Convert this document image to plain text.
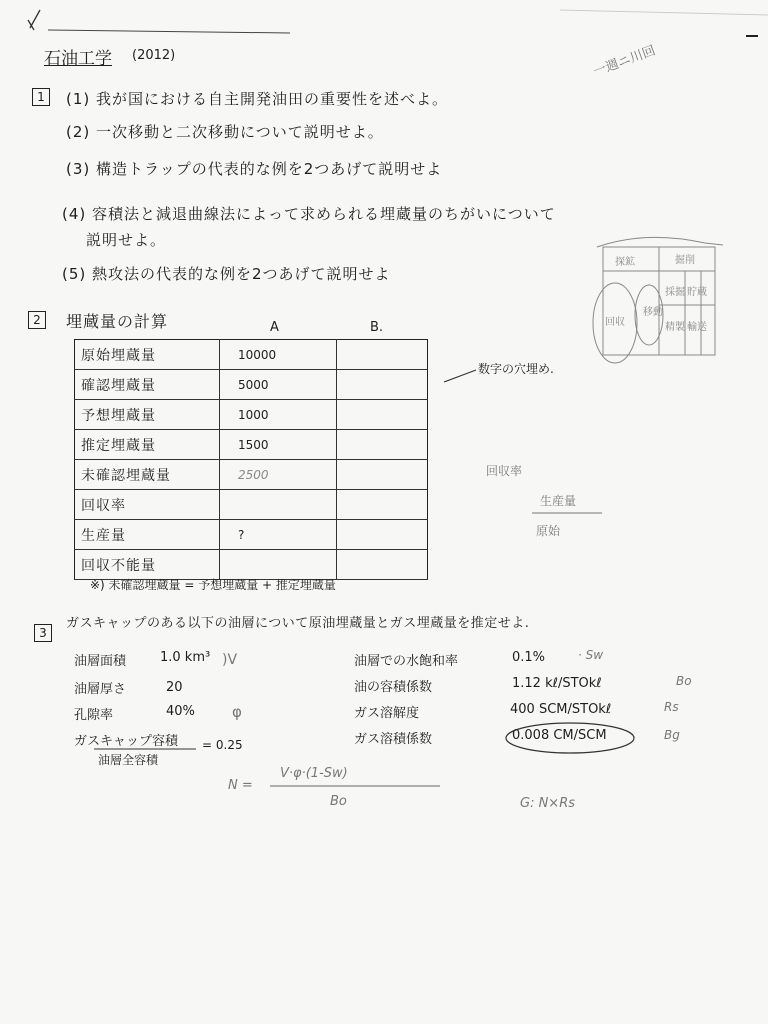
石油工学 (2012)	一週ニ川回
1	(1) 我が国における自主開発油田の重要性を述べよ。
(2) 一次移動と二次移動について説明せよ。
(3) 構造トラップの代表的な例を2つあげて説明せよ
(4) 容積法と減退曲線法によって求められる埋蔵量のちがいについて
説明せよ。
(5) 熱攻法の代表的な例を2つあげて説明せよ
回収
移動
採掘
精製
貯蔵
輸送
探鉱	掘削
2	埋蔵量の計算	A	B.
原始埋蔵量	10000	
確認埋蔵量	5000	
予想埋蔵量	1000	
推定埋蔵量	1500	
未確認埋蔵量	2500	
回収率		
生産量	?	
回収不能量		
※) 未確認埋蔵量 = 予想埋蔵量 + 推定埋蔵量
数字の穴埋め.
回収率
生産量
原始
3
ガスキャップのある以下の油層について原油埋蔵量とガス埋蔵量を推定せよ.
油層面積	1.0 km³ )V
油層厚さ	20
孔隙率	40% φ
ガスキャップ容積 = 0.25
油層全容積
油層での水飽和率	0.1%	· Sw
油の容積係数	1.12 kℓ/STOkℓ	Bo
ガス溶解度	400 SCM/STOkℓ	Rs
ガス溶積係数	0.008 CM/SCM	Bg
N =
V·φ·(1-Sw)
Bo	G: N×Rs
